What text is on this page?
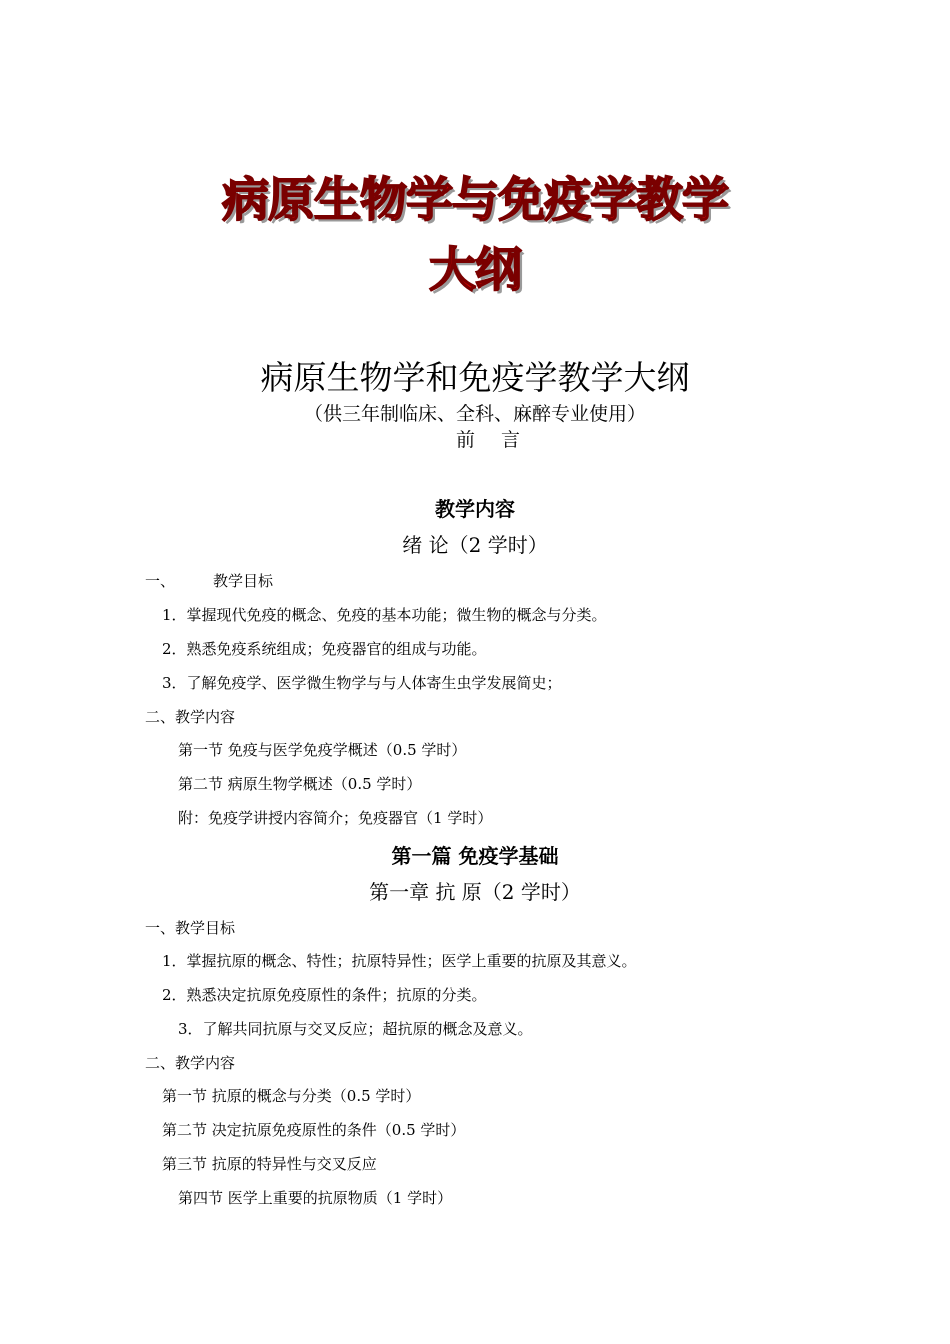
病原生物学与免疫学教学
大纲
病原生物学和免疫学教学大纲
（供三年制临床、全科、麻醉专业使用）
前言
教学内容
绪 论（2 学时）
一、	教学目标
1．掌握现代免疫的概念、免疫的基本功能；微生物的概念与分类。
2．熟悉免疫系统组成；免疫器官的组成与功能。
3．了解免疫学、医学微生物学与与人体寄生虫学发展简史；
二、教学内容
第一节 免疫与医学免疫学概述（0.5 学时）
第二节 病原生物学概述（0.5 学时）
附：免疫学讲授内容简介；免疫器官（1 学时）
第一篇 免疫学基础
第一章 抗 原（2 学时）
一、教学目标
1．掌握抗原的概念、特性；抗原特异性；医学上重要的抗原及其意义。
2．熟悉决定抗原免疫原性的条件；抗原的分类。
3．了解共同抗原与交叉反应；超抗原的概念及意义。
二、教学内容
第一节 抗原的概念与分类（0.5 学时）
第二节 决定抗原免疫原性的条件（0.5 学时）
第三节 抗原的特异性与交叉反应
第四节 医学上重要的抗原物质（1 学时）
